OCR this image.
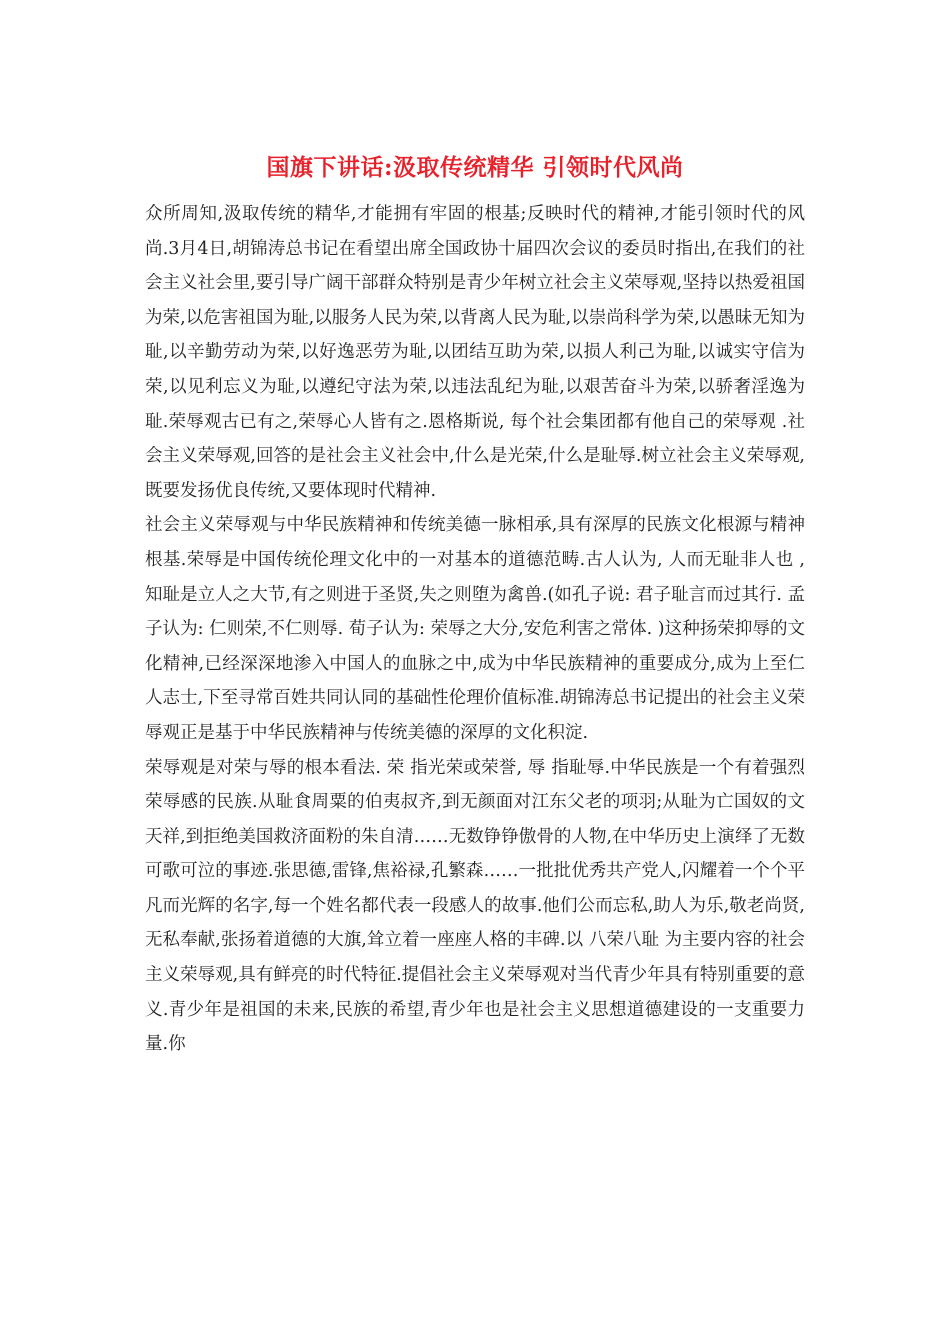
国旗下讲话:汲取传统精华 引领时代风尚

众所周知,汲取传统的精华,才能拥有牢固的根基;反映时代的精神,才能引领时代的风尚.3月4日,胡锦涛总书记在看望出席全国政协十届四次会议的委员时指出,在我们的社会主义社会里,要引导广阔干部群众特别是青少年树立社会主义荣辱观,坚持以热爱祖国为荣,以危害祖国为耻,以服务人民为荣,以背离人民为耻,以崇尚科学为荣,以愚昧无知为耻,以辛勤劳动为荣,以好逸恶劳为耻,以团结互助为荣,以损人利己为耻,以诚实守信为荣,以见利忘义为耻,以遵纪守法为荣,以违法乱纪为耻,以艰苦奋斗为荣,以骄奢淫逸为耻.荣辱观古已有之,荣辱心人皆有之.恩格斯说, 每个社会集团都有他自己的荣辱观 .社会主义荣辱观,回答的是社会主义社会中,什么是光荣,什么是耻辱.树立社会主义荣辱观,既要发扬优良传统,又要体现时代精神.

社会主义荣辱观与中华民族精神和传统美德一脉相承,具有深厚的民族文化根源与精神根基.荣辱是中国传统伦理文化中的一对基本的道德范畴.古人认为, 人而无耻非人也 ,知耻是立人之大节,有之则进于圣贤,失之则堕为禽兽.(如孔子说: 君子耻言而过其行. 孟子认为: 仁则荣,不仁则辱. 荀子认为: 荣辱之大分,安危利害之常体. )这种扬荣抑辱的文化精神,已经深深地渗入中国人的血脉之中,成为中华民族精神的重要成分,成为上至仁人志士,下至寻常百姓共同认同的基础性伦理价值标准.胡锦涛总书记提出的社会主义荣辱观正是基于中华民族精神与传统美德的深厚的文化积淀.

荣辱观是对荣与辱的根本看法. 荣 指光荣或荣誉, 辱 指耻辱.中华民族是一个有着强烈荣辱感的民族.从耻食周粟的伯夷叔齐,到无颜面对江东父老的项羽;从耻为亡国奴的文天祥,到拒绝美国救济面粉的朱自清……无数铮铮傲骨的人物,在中华历史上演绎了无数可歌可泣的事迹.张思德,雷锋,焦裕禄,孔繁森……一批批优秀共产党人,闪耀着一个个平凡而光辉的名字,每一个姓名都代表一段感人的故事.他们公而忘私,助人为乐,敬老尚贤,无私奉献,张扬着道德的大旗,耸立着一座座人格的丰碑.以 八荣八耻 为主要内容的社会主义荣辱观,具有鲜亮的时代特征.提倡社会主义荣辱观对当代青少年具有特别重要的意义.青少年是祖国的未来,民族的希望,青少年也是社会主义思想道德建设的一支重要力量.你
